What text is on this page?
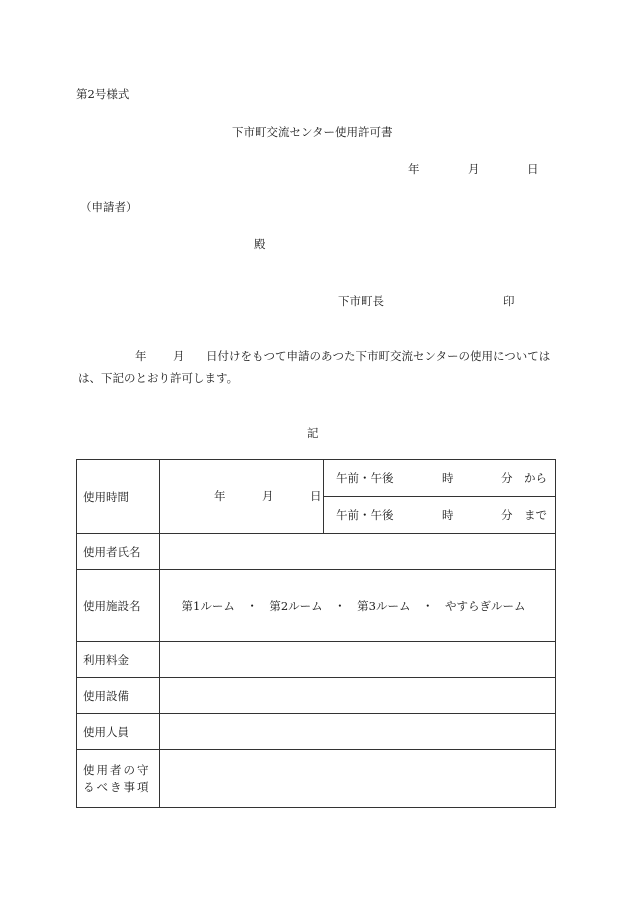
第2号様式
下市町交流センター使用許可書
年	月	日
（申請者）
殿
下市町長	印
年 月 日付けをもつて申請のあつた下市町交流センターの使用については
は、下記のとおり許可します。
記
使用時間	年 月 日	午前・午後 時 分 から

		午前・午後 時 分 まで

使用者氏名		
使用施設名	第1ルーム　・　第2ルーム　・　第3ルーム　・　やすらぎルーム	
利用料金		
使用設備		
使用人員		
使用者の守るべき事項		
